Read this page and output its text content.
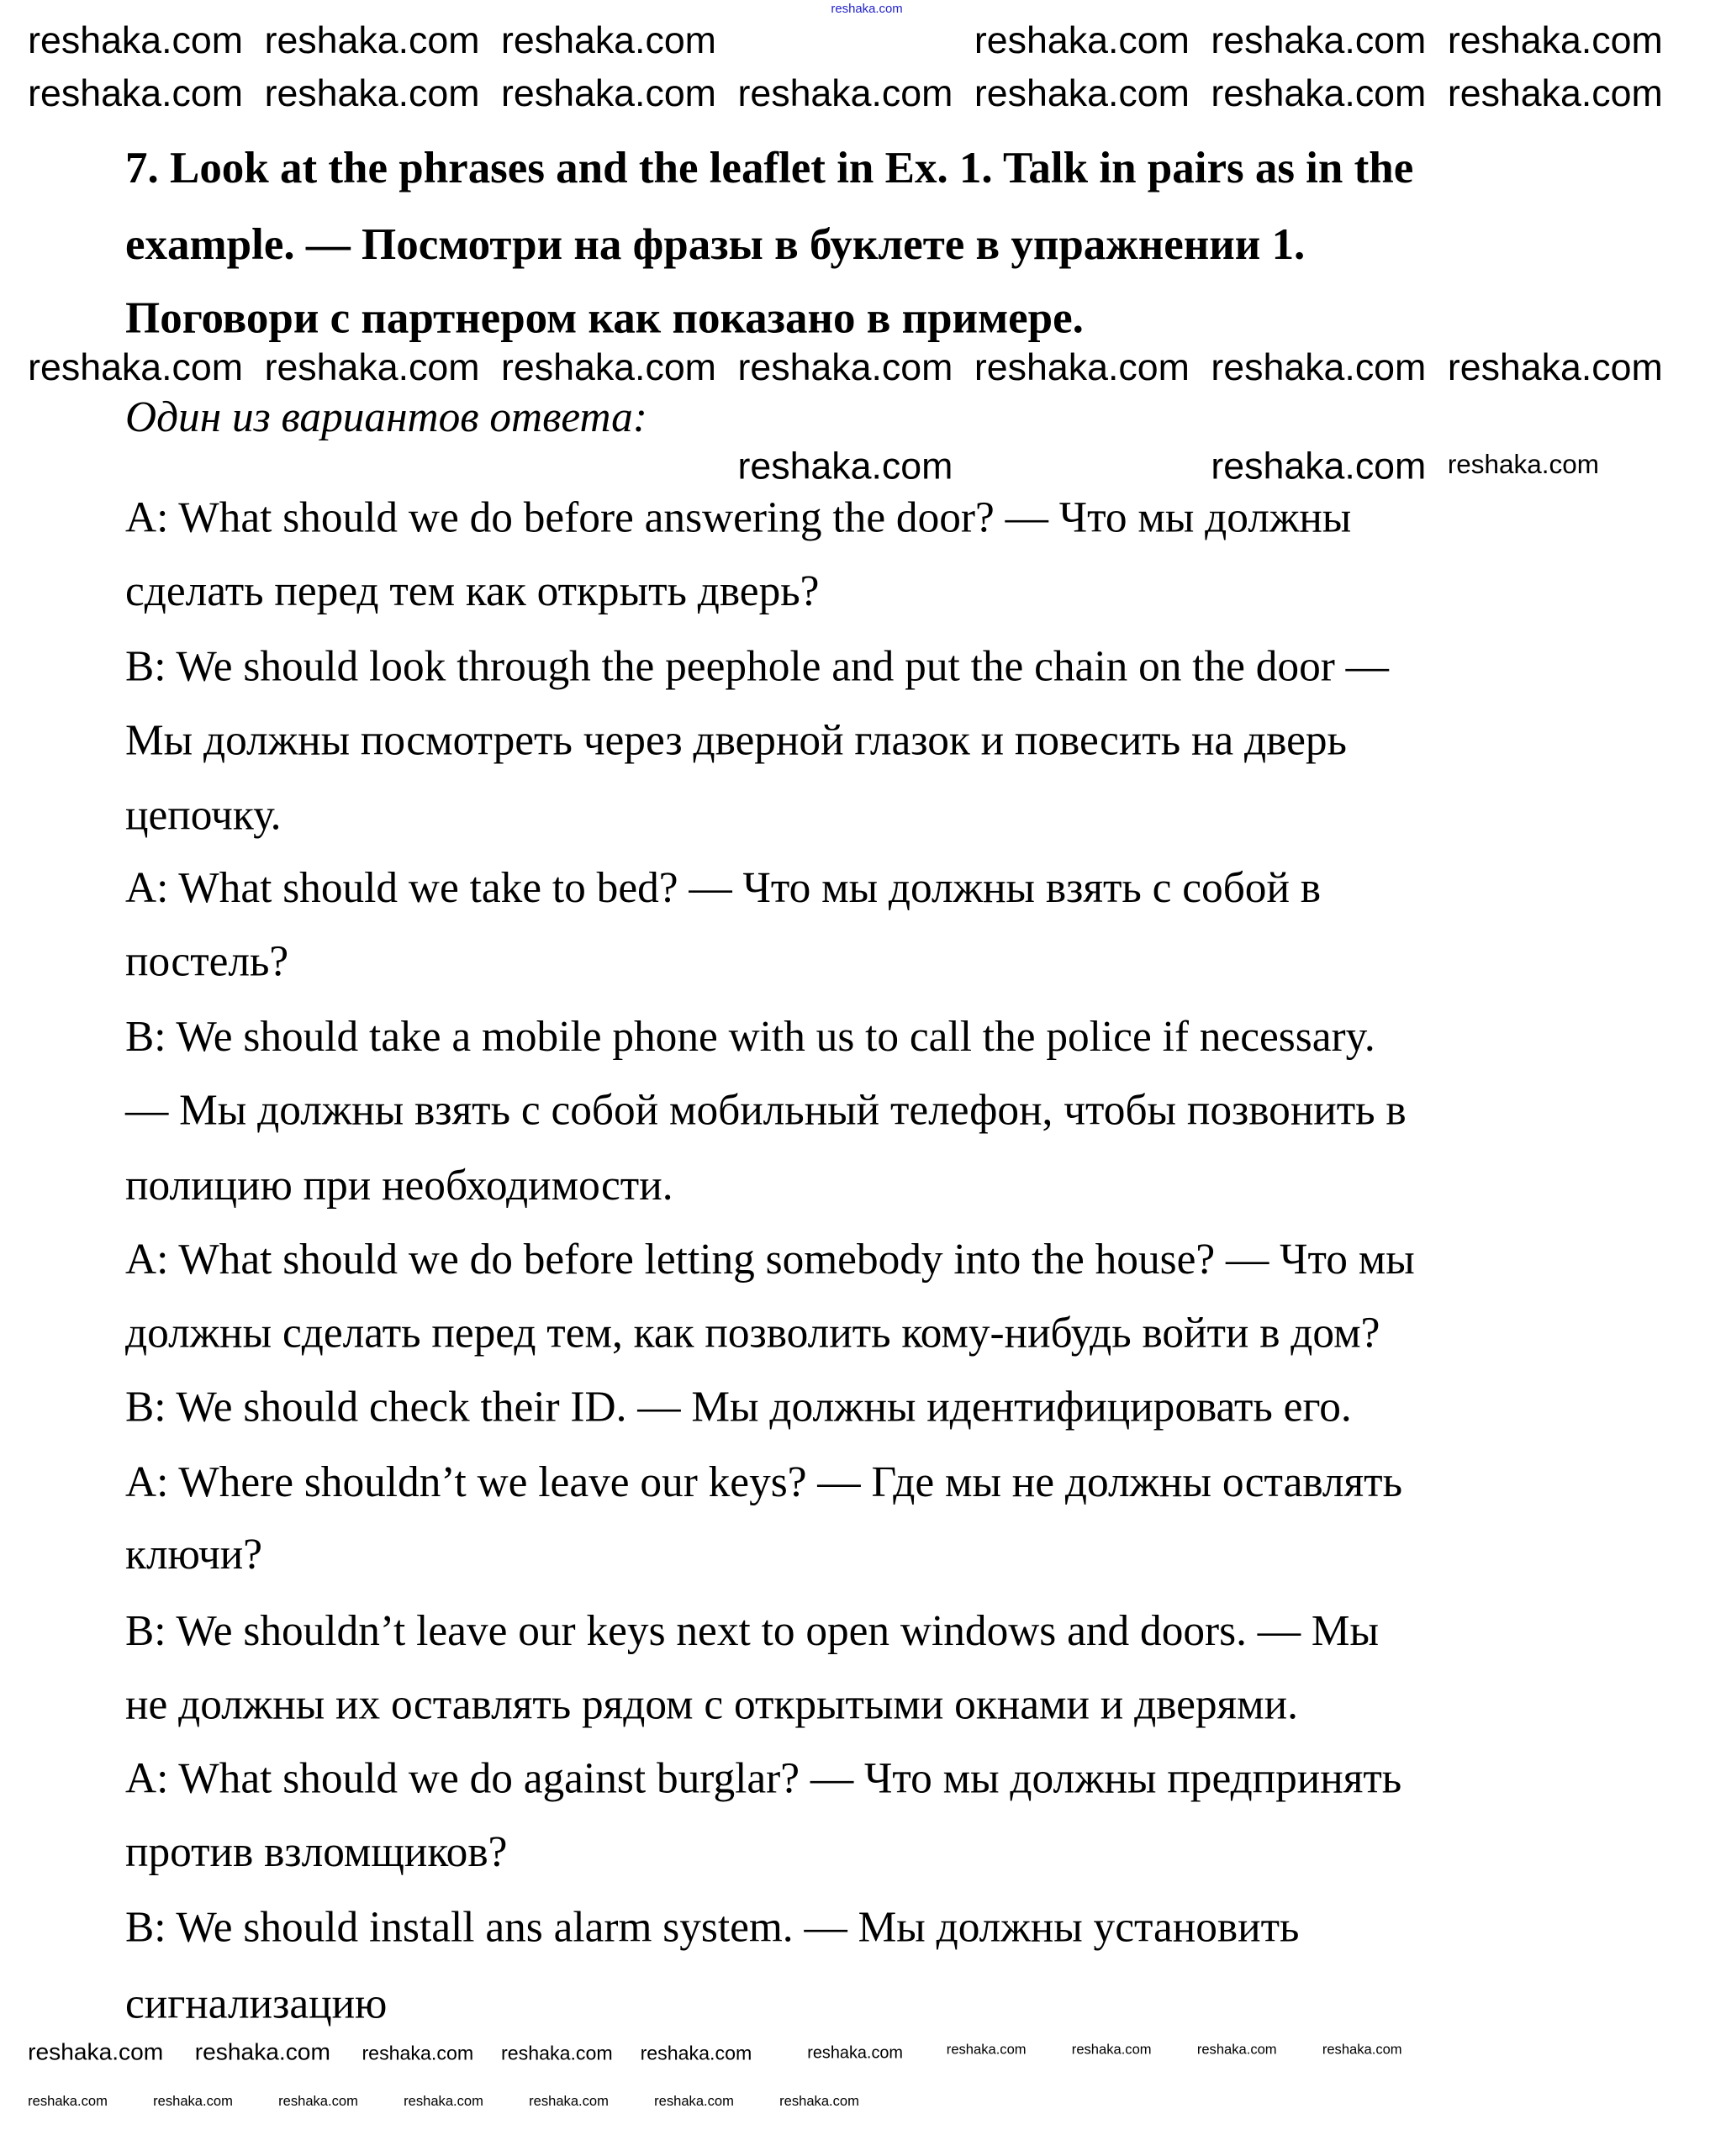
7. Look at the phrases and the leaflet in Ex. 1. Talk in pairs as in the
example. — Посмотри на фразы в буклете в упражнении 1.
Поговори с партнером как показано в примере.
Один из вариантов ответа:
A: What should we do before answering the door? — Что мы должны
сделать перед тем как открыть дверь?
B: We should look through the peephole and put the chain on the door —
Мы должны посмотреть через дверной глазок и повесить на дверь
цепочку.
A: What should we take to bed? — Что мы должны взять с собой в
постель?
B: We should take a mobile phone with us to call the police if necessary.
— Мы должны взять с собой мобильный телефон, чтобы позвонить в
полицию при необходимости.
A: What should we do before letting somebody into the house? — Что мы
должны сделать перед тем, как позволить кому-нибудь войти в дом?
B: We should check their ID. — Мы должны идентифицировать его.
A: Where shouldn’t we leave our keys? — Где мы не должны оставлять
ключи?
B: We shouldn’t leave our keys next to open windows and doors. — Мы
не должны их оставлять рядом с открытыми окнами и дверями.
A: What should we do against burglar? — Что мы должны предпринять
против взломщиков?
B: We should install ans alarm system. — Мы должны установить
сигнализацию
reshaka.com
reshaka.com reshaka.com reshaka.com	reshaka.com reshaka.com reshaka.com
reshaka.com
reshaka.com reshaka.com reshaka.com	reshaka.com reshaka.com reshaka.com
reshaka.com reshaka.com reshaka.com reshaka.com reshaka.com reshaka.com reshaka.com
reshaka.com	reshaka.com reshaka.com
reshaka.com reshaka.com	reshaka.com reshaka.com reshaka.com	reshaka.com	reshaka.com	reshaka.com	reshaka.com	reshaka.com
reshaka.com	reshaka.com	reshaka.com	reshaka.com	reshaka.com	reshaka.com	reshaka.com
